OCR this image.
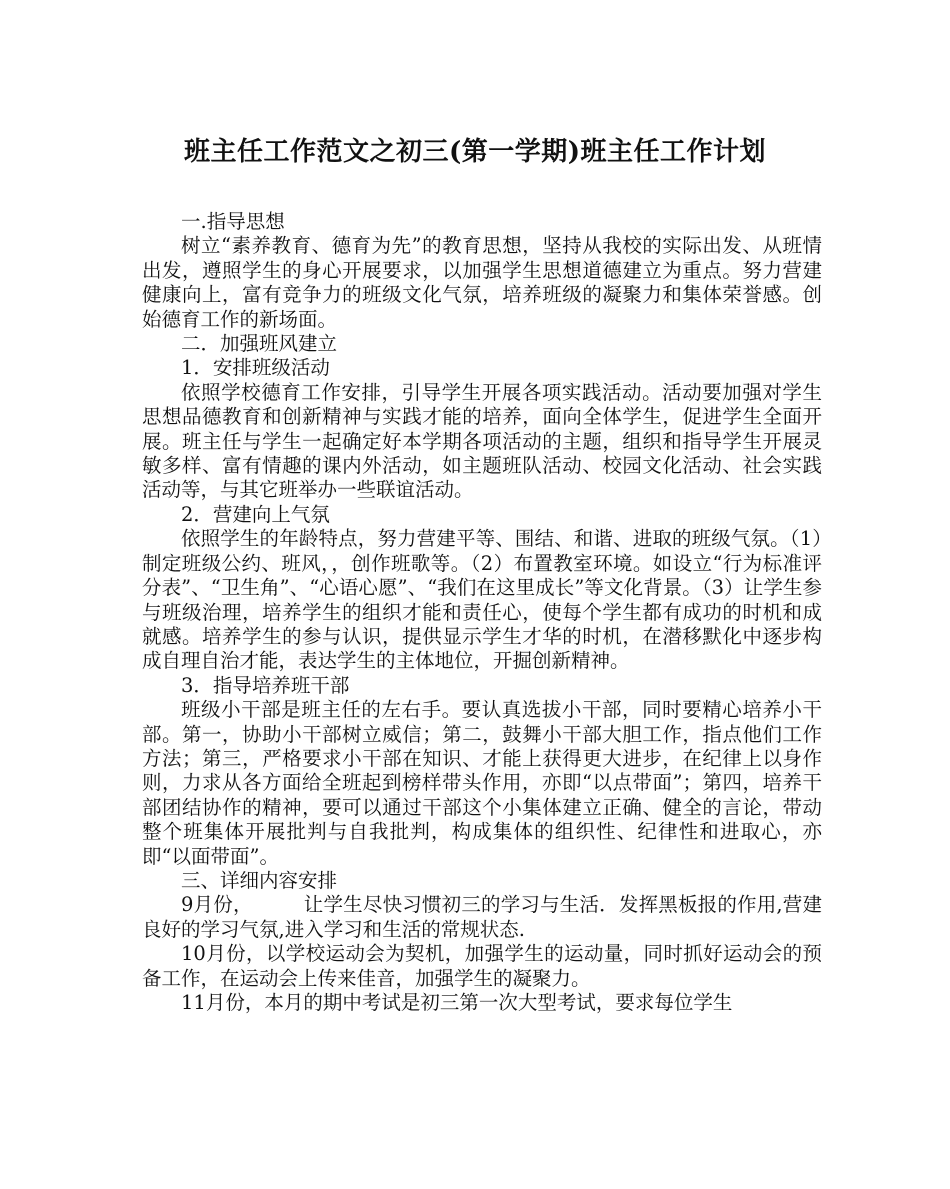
班主任工作范文之初三(第一学期)班主任工作计划

一.指导思想

树立“素养教育、德育为先”的教育思想，坚持从我校的实际出发、从班情出发，遵照学生的身心开展要求，以加强学生思想道德建立为重点。努力营建健康向上，富有竞争力的班级文化气氛，培养班级的凝聚力和集体荣誉感。创始德育工作的新场面。

二．加强班风建立

1．安排班级活动

依照学校德育工作安排，引导学生开展各项实践活动。活动要加强对学生思想品德教育和创新精神与实践才能的培养，面向全体学生，促进学生全面开展。班主任与学生一起确定好本学期各项活动的主题，组织和指导学生开展灵敏多样、富有情趣的课内外活动，如主题班队活动、校园文化活动、社会实践活动等，与其它班举办一些联谊活动。

2．营建向上气氛

依照学生的年龄特点，努力营建平等、围结、和谐、进取的班级气氛。（1）制定班级公约、班风，，创作班歌等。（2）布置教室环境。如设立“行为标准评分表”、“卫生角”、“心语心愿”、“我们在这里成长”等文化背景。（3）让学生参与班级治理，培养学生的组织才能和责任心，使每个学生都有成功的时机和成就感。培养学生的参与认识，提供显示学生才华的时机，在潜移默化中逐步构成自理自治才能，表达学生的主体地位，开掘创新精神。

3．指导培养班干部

班级小干部是班主任的左右手。要认真选拔小干部，同时要精心培养小干部。第一，协助小干部树立威信；第二，鼓舞小干部大胆工作，指点他们工作方法；第三，严格要求小干部在知识、才能上获得更大进步，在纪律上以身作则，力求从各方面给全班起到榜样带头作用，亦即“以点带面”；第四，培养干部团结协作的精神，要可以通过干部这个小集体建立正确、健全的言论，带动整个班集体开展批判与自我批判，构成集体的组织性、纪律性和进取心，亦即“以面带面”。

三、详细内容安排

9月份，        让学生尽快习惯初三的学习与生活．发挥黑板报的作用,营建良好的学习气氛,进入学习和生活的常规状态.

10月份，以学校运动会为契机，加强学生的运动量，同时抓好运动会的预备工作，在运动会上传来佳音，加强学生的凝聚力。

11月份，本月的期中考试是初三第一次大型考试，要求每位学生
